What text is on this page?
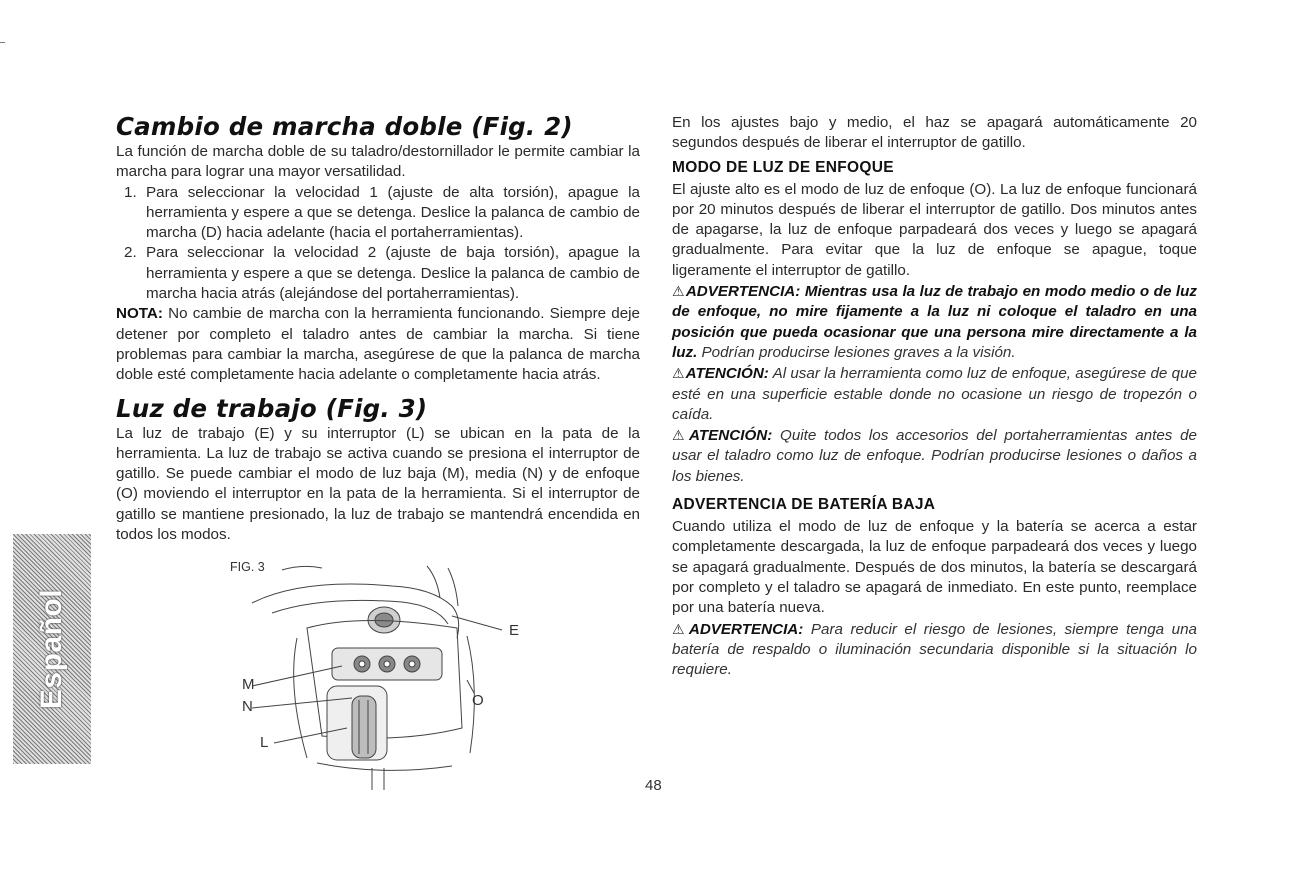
Español
Cambio de marcha doble (Fig. 2)

La función de marcha doble de su taladro/destornillador le permite cambiar la marcha para lograr una mayor versatilidad.

1. Para seleccionar la velocidad 1 (ajuste de alta torsión), apague la herramienta y espere a que se detenga. Deslice la palanca de cambio de marcha (D) hacia adelante (hacia el portaherramientas).
2. Para seleccionar la velocidad 2 (ajuste de baja torsión), apague la herramienta y espere a que se detenga. Deslice la palanca de cambio de marcha hacia atrás (alejándose del portaherramientas).

NOTA: No cambie de marcha con la herramienta funcionando. Siempre deje detener por completo el taladro antes de cambiar la marcha. Si tiene problemas para cambiar la marcha, asegúrese de que la palanca de marcha doble esté completamente hacia adelante o completamente hacia atrás.

Luz de trabajo (Fig. 3)

La luz de trabajo (E) y su interruptor (L) se ubican en la pata de la herramienta. La luz de trabajo se activa cuando se presiona el interruptor de gatillo. Se puede cambiar el modo de luz baja (M), media (N) y de enfoque (O) moviendo el interruptor en la pata de la herramienta. Si el interruptor de gatillo se mantiene presionado, la luz de trabajo se mantendrá encendida en todos los modos.

FIG. 3
E
M
N
L
O

En los ajustes bajo y medio, el haz se apagará automáticamente 20 segundos después de liberar el interruptor de gatillo.

MODO DE LUZ DE ENFOQUE

El ajuste alto es el modo de luz de enfoque (O). La luz de enfoque funcionará por 20 minutos después de liberar el interruptor de gatillo. Dos minutos antes de apagarse, la luz de enfoque parpadeará dos veces y luego se apagará gradualmente. Para evitar que la luz de enfoque se apague, toque ligeramente el interruptor de gatillo.

⚠ADVERTENCIA: Mientras usa la luz de trabajo en modo medio o de luz de enfoque, no mire fijamente a la luz ni coloque el taladro en una posición que pueda ocasionar que una persona mire directamente a la luz. Podrían producirse lesiones graves a la visión.

⚠ATENCIÓN: Al usar la herramienta como luz de enfoque, asegúrese de que esté en una superficie estable donde no ocasione un riesgo de tropezón o caída.

⚠ATENCIÓN: Quite todos los accesorios del portaherramientas antes de usar el taladro como luz de enfoque. Podrían producirse lesiones o daños a los bienes.

ADVERTENCIA DE BATERÍA BAJA

Cuando utiliza el modo de luz de enfoque y la batería se acerca a estar completamente descargada, la luz de enfoque parpadeará dos veces y luego se apagará gradualmente. Después de dos minutos, la batería se descargará por completo y el taladro se apagará de inmediato. En este punto, reemplace por una batería nueva.

⚠ADVERTENCIA: Para reducir el riesgo de lesiones, siempre tenga una batería de respaldo o iluminación secundaria disponible si la situación lo requiere.

48
